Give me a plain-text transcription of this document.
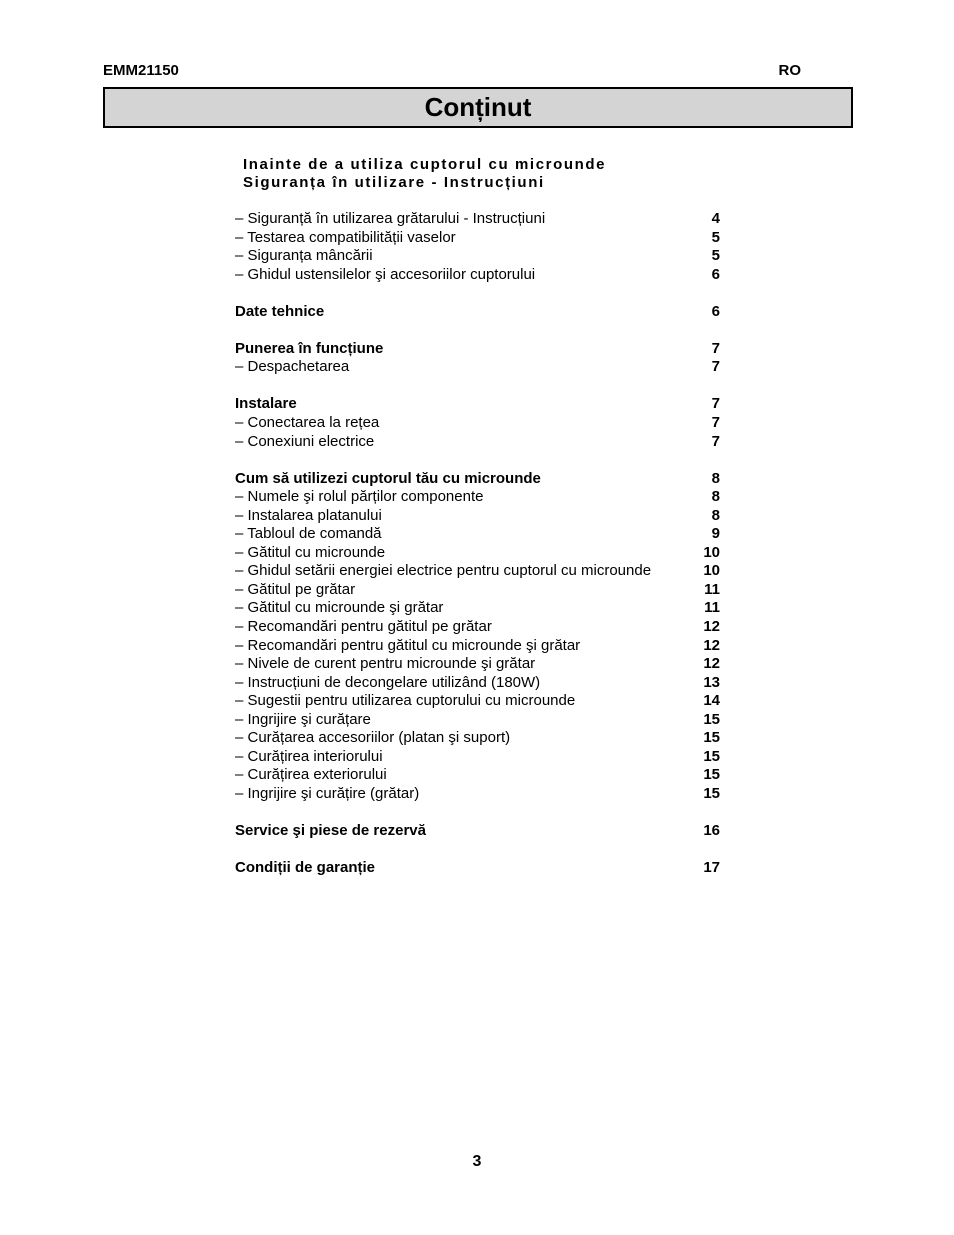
EMM21150	RO
Conținut
Inainte de a utiliza cuptorul cu microunde
Siguranța în utilizare - Instrucțiuni
– Siguranță în utilizarea grătarului - Instrucțiuni	4
– Testarea compatibilității vaselor	5
– Siguranța mâncării	5
– Ghidul ustensilelor şi accesoriilor cuptorului	6
Date tehnice	6
Punerea în funcțiune	7
– Despachetarea	7
Instalare	7
– Conectarea la rețea	7
– Conexiuni electrice	7
Cum să utilizezi cuptorul tău cu microunde	8
– Numele şi rolul părților componente	8
– Instalarea platanului	8
– Tabloul de comandă	9
– Gătitul cu microunde	10
– Ghidul setării energiei electrice pentru cuptorul cu microunde	10
– Gătitul pe grătar	11
– Gătitul cu microunde şi grătar	11
– Recomandări pentru gătitul pe grătar	12
– Recomandări pentru gătitul cu microunde şi grătar	12
– Nivele de curent pentru microunde şi grătar	12
– Instrucțiuni de decongelare utilizând (180W)	13
– Sugestii pentru utilizarea cuptorului cu microunde	14
– Ingrijire şi curățare	15
– Curățarea accesoriilor (platan şi suport)	15
– Curățirea interiorului	15
– Curățirea exteriorului	15
– Ingrijire şi curățire (grătar)	15
Service şi piese de rezervă	16
Condiții de garanție	17
3
